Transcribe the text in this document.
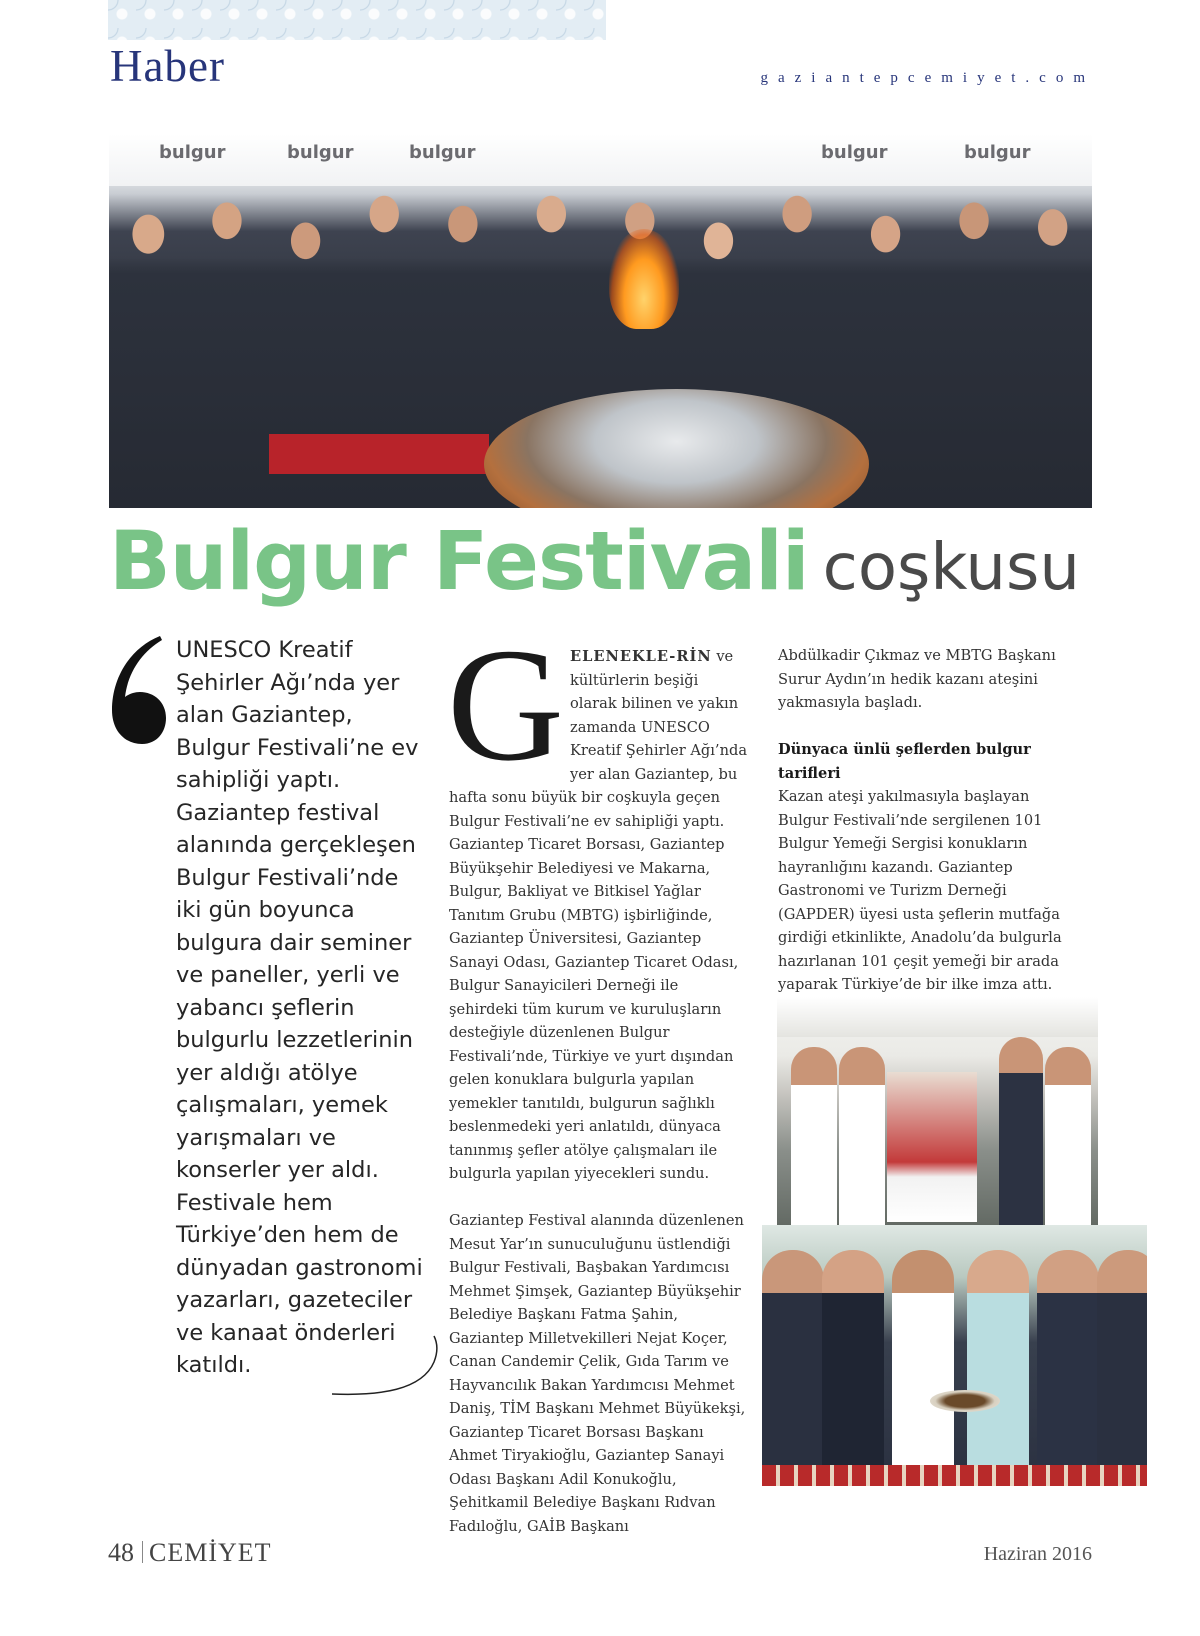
Haber	gaziantepcemiyet.com
bulgur	bulgur	bulgur	bulgur	bulgur
Bulgur Festivali coşkusu
UNESCO Kreatif Şehirler Ağı’nda yer alan Gaziantep, Bulgur Festivali’ne ev sahipliği yaptı. Gaziantep festival alanında gerçekleşen Bulgur Festivali’nde iki gün boyunca bulgura dair seminer ve paneller, yerli ve yabancı şeflerin bulgurlu lezzetlerinin yer aldığı atölye çalışmaları, yemek yarışmaları ve konserler yer aldı. Festivale hem Türkiye’den hem de dünyadan gastronomi yazarları, gazeteciler ve kanaat önderleri katıldı.

GELENEKLE-RİN ve kültürlerin beşiği olarak bilinen ve yakın zamanda UNESCO Kreatif Şehirler Ağı’nda yer alan Gaziantep, bu hafta sonu büyük bir coşkuyla geçen Bulgur Festivali’ne ev sahipliği yaptı. Gaziantep Ticaret Borsası, Gaziantep Büyükşehir Belediyesi ve Makarna, Bulgur, Bakliyat ve Bitkisel Yağlar Tanıtım Grubu (MBTG) işbirliğinde, Gaziantep Üniversitesi, Gaziantep Sanayi Odası, Gaziantep Ticaret Odası, Bulgur Sanayicileri Derneği ile şehirdeki tüm kurum ve kuruluşların desteğiyle düzenlenen Bulgur Festivali’nde, Türkiye ve yurt dışından gelen konuklara bulgurla yapılan yemekler tanıtıldı, bulgurun sağlıklı beslenmedeki yeri anlatıldı, dünyaca tanınmış şefler atölye çalışmaları ile bulgurla yapılan yiyecekleri sundu.

Gaziantep Festival alanında düzenlenen Mesut Yar’ın sunuculuğunu üstlendiği Bulgur Festivali, Başbakan Yardımcısı Mehmet Şimşek, Gaziantep Büyükşehir Belediye Başkanı Fatma Şahin, Gaziantep Milletvekilleri Nejat Koçer, Canan Candemir Çelik, Gıda Tarım ve Hayvancılık Bakan Yardımcısı Mehmet Daniş, TİM Başkanı Mehmet Büyükekşi, Gaziantep Ticaret Borsası Başkanı Ahmet Tiryakioğlu, Gaziantep Sanayi Odası Başkanı Adil Konukoğlu, Şehitkamil Belediye Başkanı Rıdvan Fadıloğlu, GAİB Başkanı

Abdülkadir Çıkmaz ve MBTG Başkanı Surur Aydın’ın hedik kazanı ateşini yakmasıyla başladı.

Dünyaca ünlü şeflerden bulgur tarifleri

Kazan ateşi yakılmasıyla başlayan Bulgur Festivali’nde sergilenen 101 Bulgur Yemeği Sergisi konukların hayranlığını kazandı. Gaziantep Gastronomi ve Turizm Derneği (GAPDER) üyesi usta şeflerin mutfağa girdiği etkinlikte, Anadolu’da bulgurla hazırlanan 101 çeşit yemeği bir arada yaparak Türkiye’de bir ilke imza attı.

48 CEMİYET	Haziran 2016
